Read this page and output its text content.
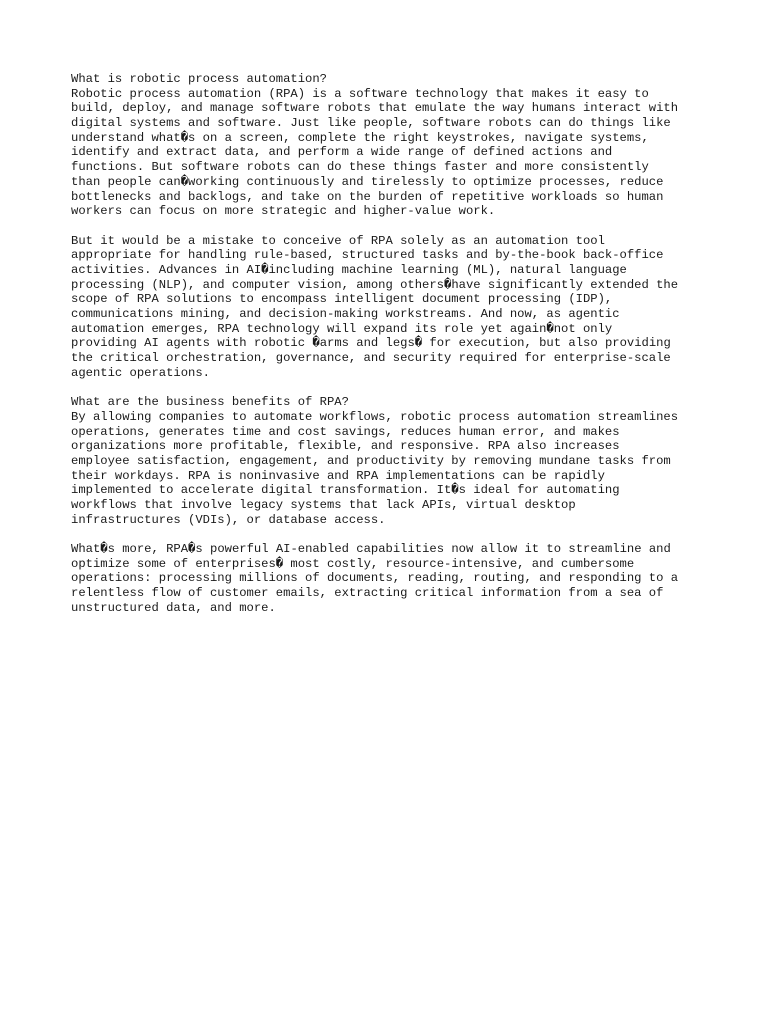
What is robotic process automation?
Robotic process automation (RPA) is a software technology that makes it easy to
build, deploy, and manage software robots that emulate the way humans interact with
digital systems and software. Just like people, software robots can do things like
understand what�s on a screen, complete the right keystrokes, navigate systems,
identify and extract data, and perform a wide range of defined actions and
functions. But software robots can do these things faster and more consistently
than people can�working continuously and tirelessly to optimize processes, reduce
bottlenecks and backlogs, and take on the burden of repetitive workloads so human
workers can focus on more strategic and higher-value work.
But it would be a mistake to conceive of RPA solely as an automation tool
appropriate for handling rule-based, structured tasks and by-the-book back-office
activities. Advances in AI�including machine learning (ML), natural language
processing (NLP), and computer vision, among others�have significantly extended the
scope of RPA solutions to encompass intelligent document processing (IDP),
communications mining, and decision-making workstreams. And now, as agentic
automation emerges, RPA technology will expand its role yet again�not only
providing AI agents with robotic �arms and legs� for execution, but also providing
the critical orchestration, governance, and security required for enterprise-scale
agentic operations.
What are the business benefits of RPA?
By allowing companies to automate workflows, robotic process automation streamlines
operations, generates time and cost savings, reduces human error, and makes
organizations more profitable, flexible, and responsive. RPA also increases
employee satisfaction, engagement, and productivity by removing mundane tasks from
their workdays. RPA is noninvasive and RPA implementations can be rapidly
implemented to accelerate digital transformation. It�s ideal for automating
workflows that involve legacy systems that lack APIs, virtual desktop
infrastructures (VDIs), or database access.
What�s more, RPA�s powerful AI-enabled capabilities now allow it to streamline and
optimize some of enterprises� most costly, resource-intensive, and cumbersome
operations: processing millions of documents, reading, routing, and responding to a
relentless flow of customer emails, extracting critical information from a sea of
unstructured data, and more.
